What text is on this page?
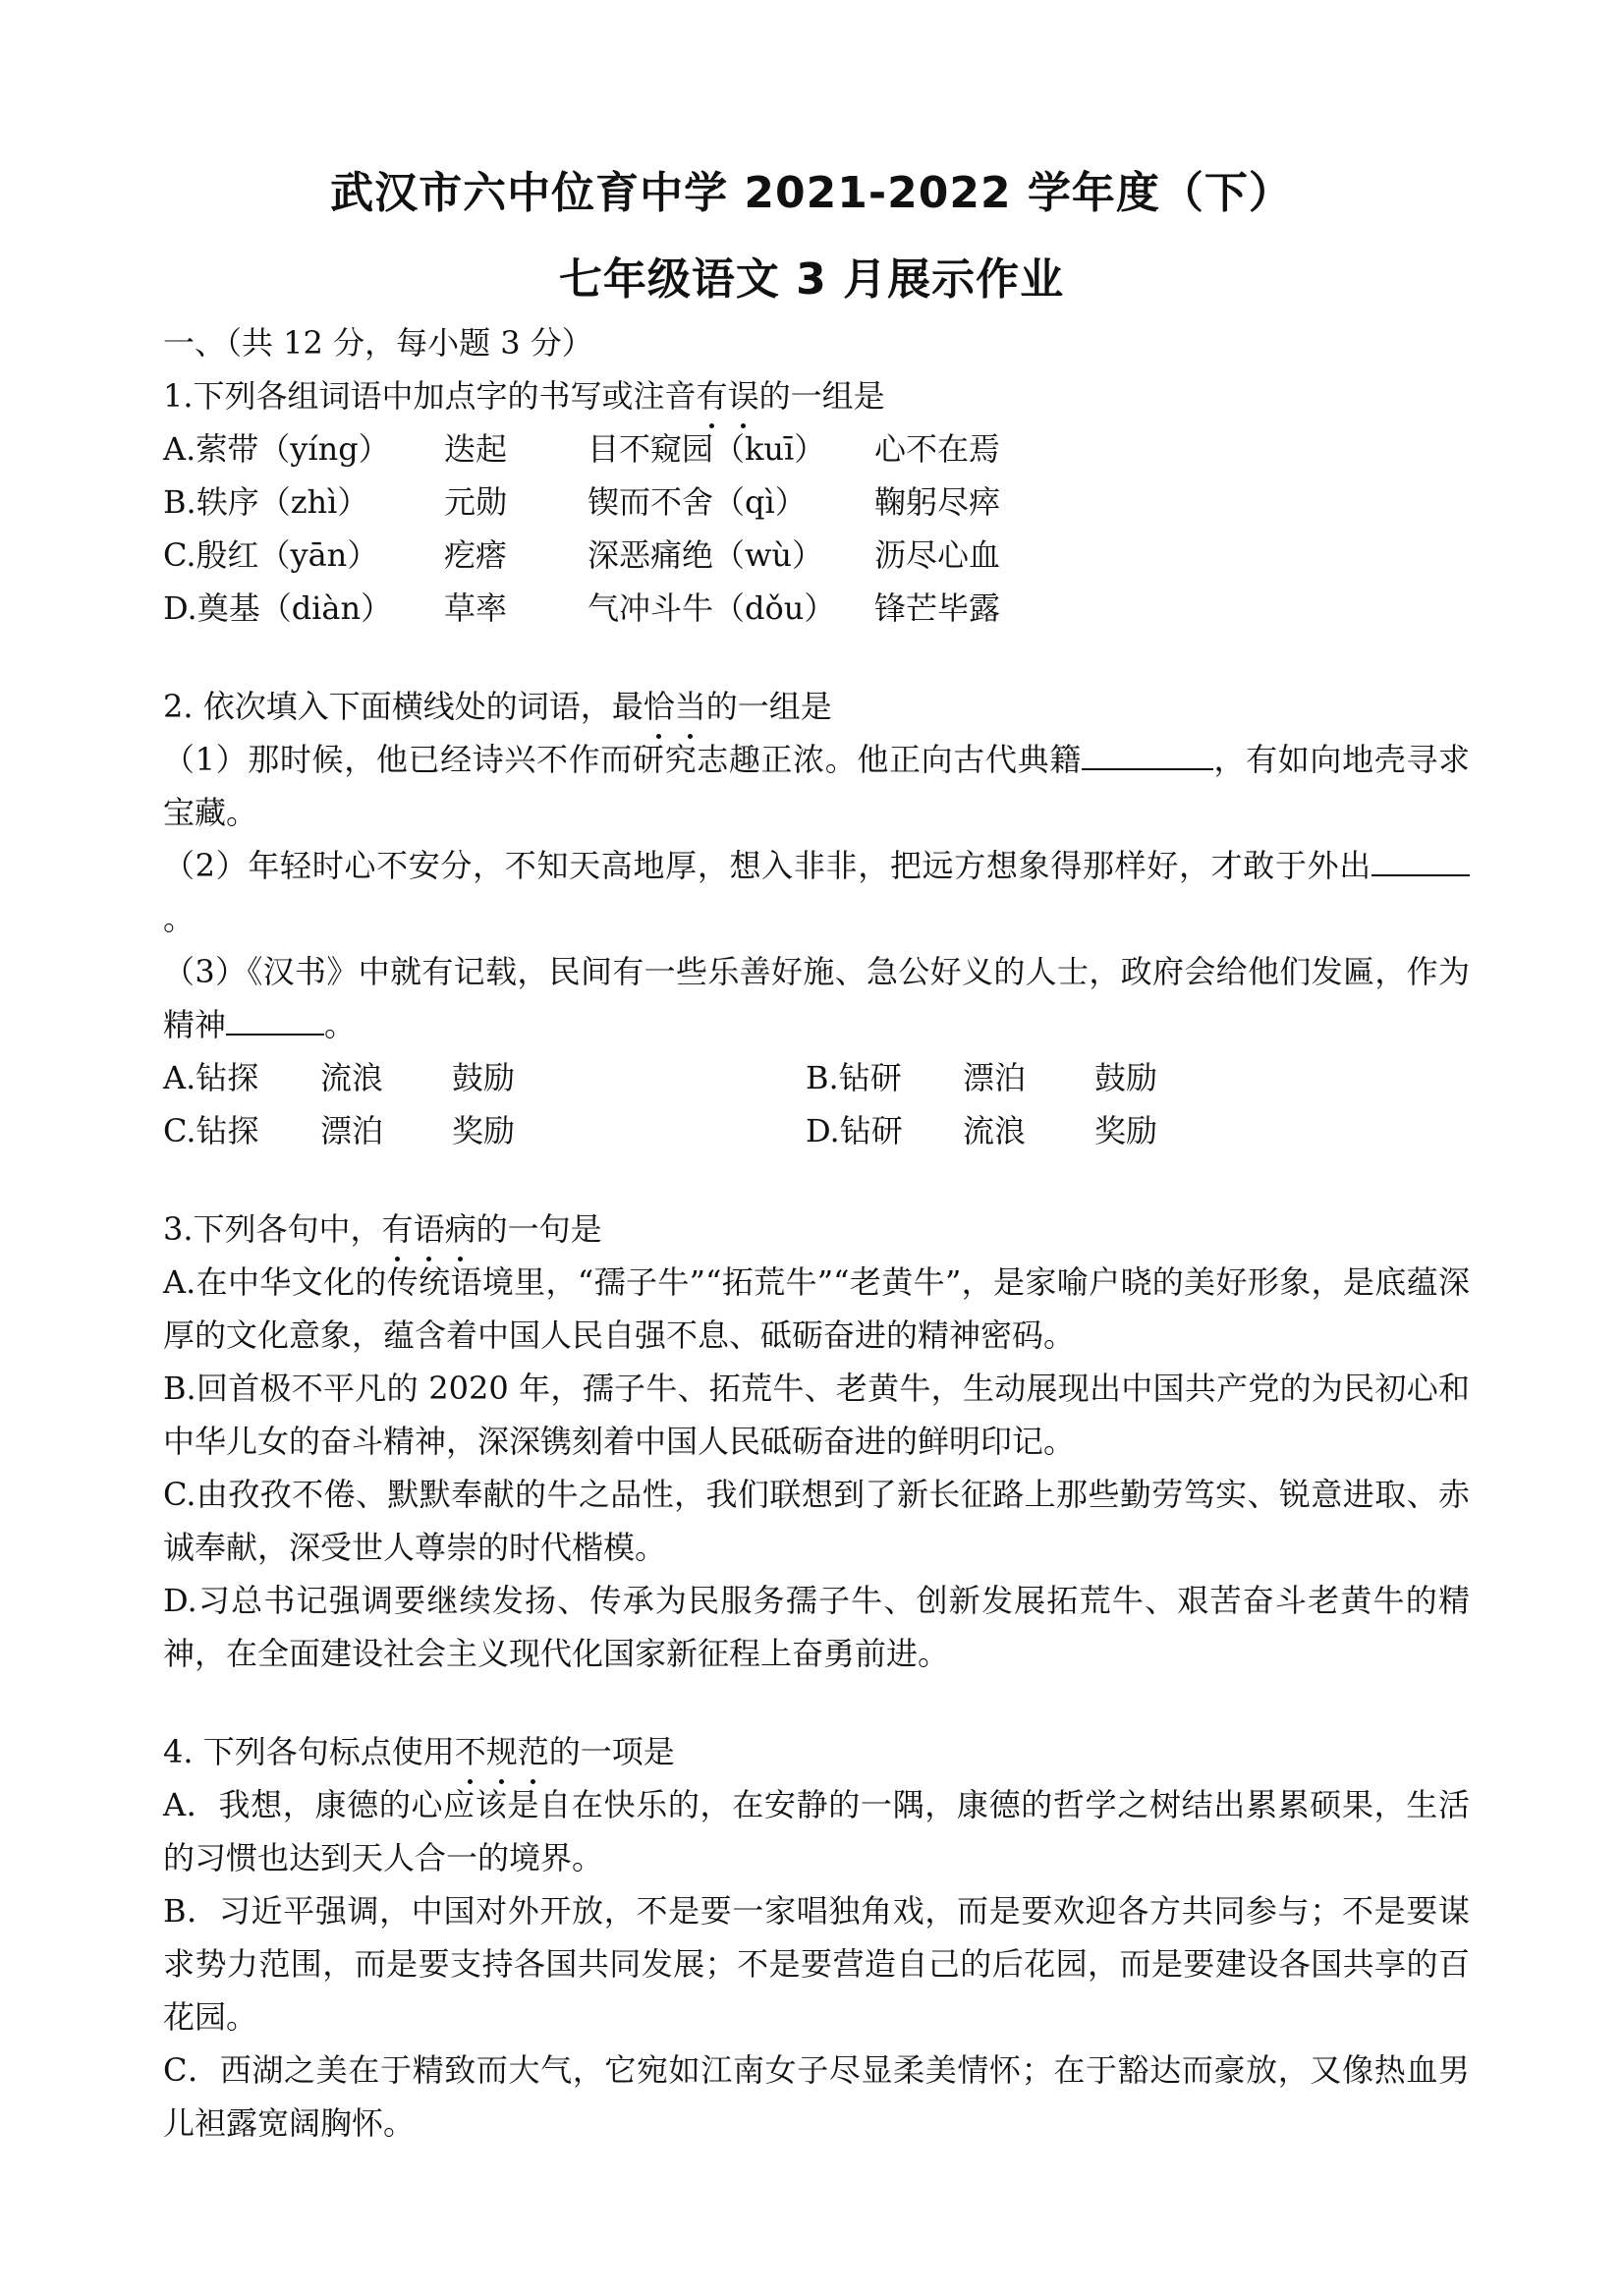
武汉市六中位育中学 2021-2022 学年度（下）
七年级语文 3 月展示作业
一、（共 12 分，每小题 3 分）
1.下列各组词语中加点字的书写或注音有误的一组是
A.萦带（yíng）	迭起	目不窥园（kuī）	心不在焉
B.轶序（zhì）	元勋	锲而不舍（qì）	鞠躬尽瘁
C.殷红（yān）	疙瘩	深恶痛绝（wù）	沥尽心血
D.奠基（diàn）	草率	气冲斗牛（dǒu）	锋芒毕露
2. 依次填入下面横线处的词语，最恰当的一组是
（1）那时候，他已经诗兴不作而研究志趣正浓。他正向古代典籍	，有如向地壳寻求宝藏。
（2）年轻时心不安分，不知天高地厚，想入非非，把远方想象得那样好，才敢于外出。
（3）《汉书》中就有记载，民间有一些乐善好施、急公好义的人士，政府会给他们发匾，作为精神	。
A.钻探	流浪	鼓励	B.钻研	漂泊	鼓励
C.钻探	漂泊	奖励	D.钻研	流浪	奖励
3.下列各句中，有语病的一句是
A.在中华文化的传统语境里，“孺子牛”“拓荒牛”“老黄牛”，是家喻户晓的美好形象，是底蕴深厚的文化意象，蕴含着中国人民自强不息、砥砺奋进的精神密码。
B.回首极不平凡的 2020 年，孺子牛、拓荒牛、老黄牛，生动展现出中国共产党的为民初心和中华儿女的奋斗精神，深深镌刻着中国人民砥砺奋进的鲜明印记。
C.由孜孜不倦、默默奉献的牛之品性，我们联想到了新长征路上那些勤劳笃实、锐意进取、赤诚奉献，深受世人尊崇的时代楷模。
D.习总书记强调要继续发扬、传承为民服务孺子牛、创新发展拓荒牛、艰苦奋斗老黄牛的精神，在全面建设社会主义现代化国家新征程上奋勇前进。
4. 下列各句标点使用不规范的一项是
A．我想，康德的心应该是自在快乐的，在安静的一隅，康德的哲学之树结出累累硕果，生活的习惯也达到天人合一的境界。
B．习近平强调，中国对外开放，不是要一家唱独角戏，而是要欢迎各方共同参与；不是要谋求势力范围，而是要支持各国共同发展；不是要营造自己的后花园，而是要建设各国共享的百花园。
C．西湖之美在于精致而大气，它宛如江南女子尽显柔美情怀；在于豁达而豪放，又像热血男儿袒露宽阔胸怀。
